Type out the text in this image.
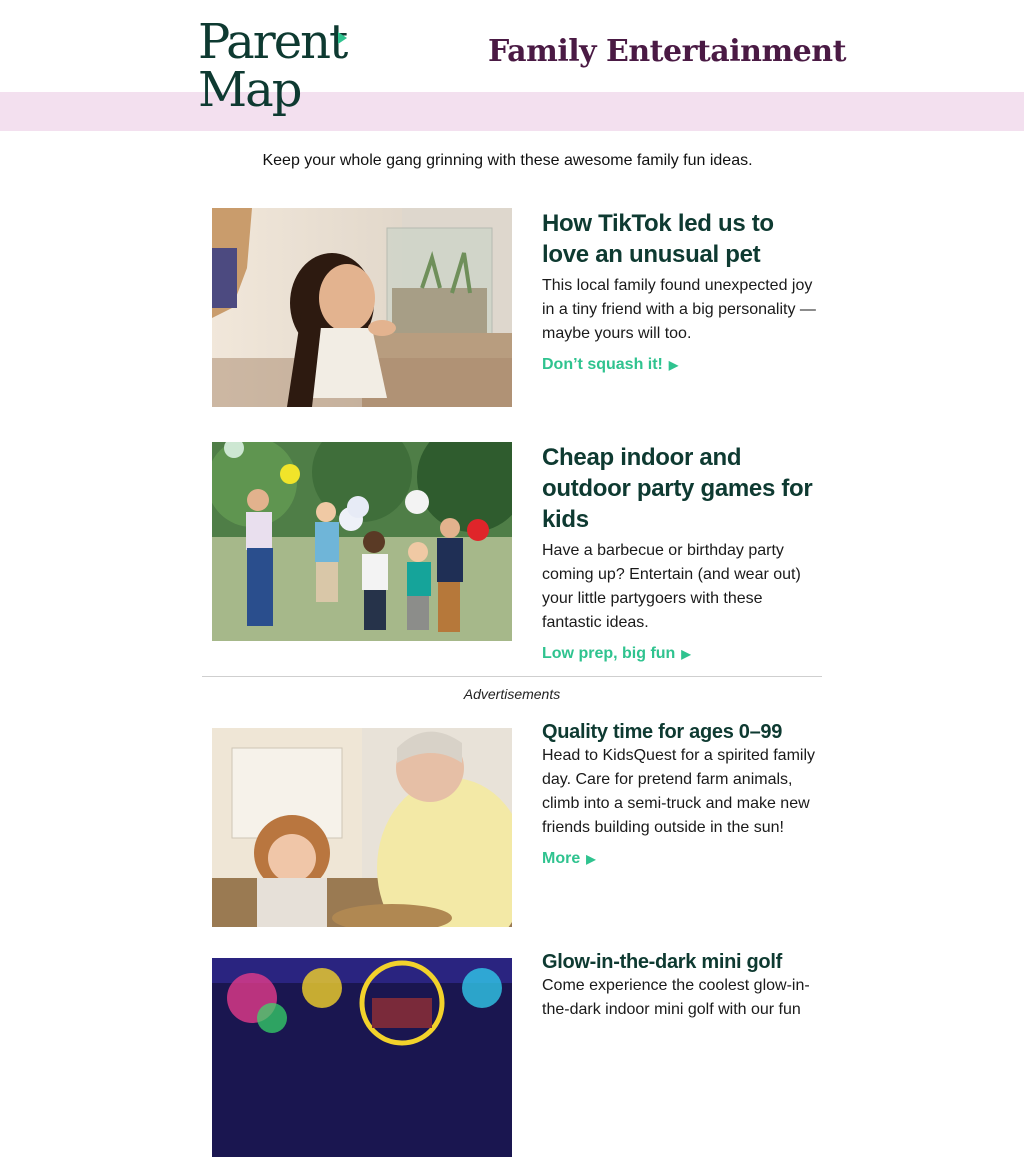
Parent
Map
Family Entertainment
Keep your whole gang grinning with these awesome family fun ideas.
How TikTok led us to love an unusual pet

This local family found unexpected joy in a tiny friend with a big personality — maybe yours will too.

Don’t squash it! ▶
Cheap indoor and outdoor party games for kids

Have a barbecue or birthday party coming up? Entertain (and wear out) your little partygoers with these fantastic ideas.

Low prep, big fun ▶
Advertisements
Quality time for ages 0–99

Head to KidsQuest for a spirited family day. Care for pretend farm animals, climb into a semi-truck and make new friends building outside in the sun!

More ▶
Glow-in-the-dark mini golf

Come experience the coolest glow-in-the-dark indoor mini golf with our fun
